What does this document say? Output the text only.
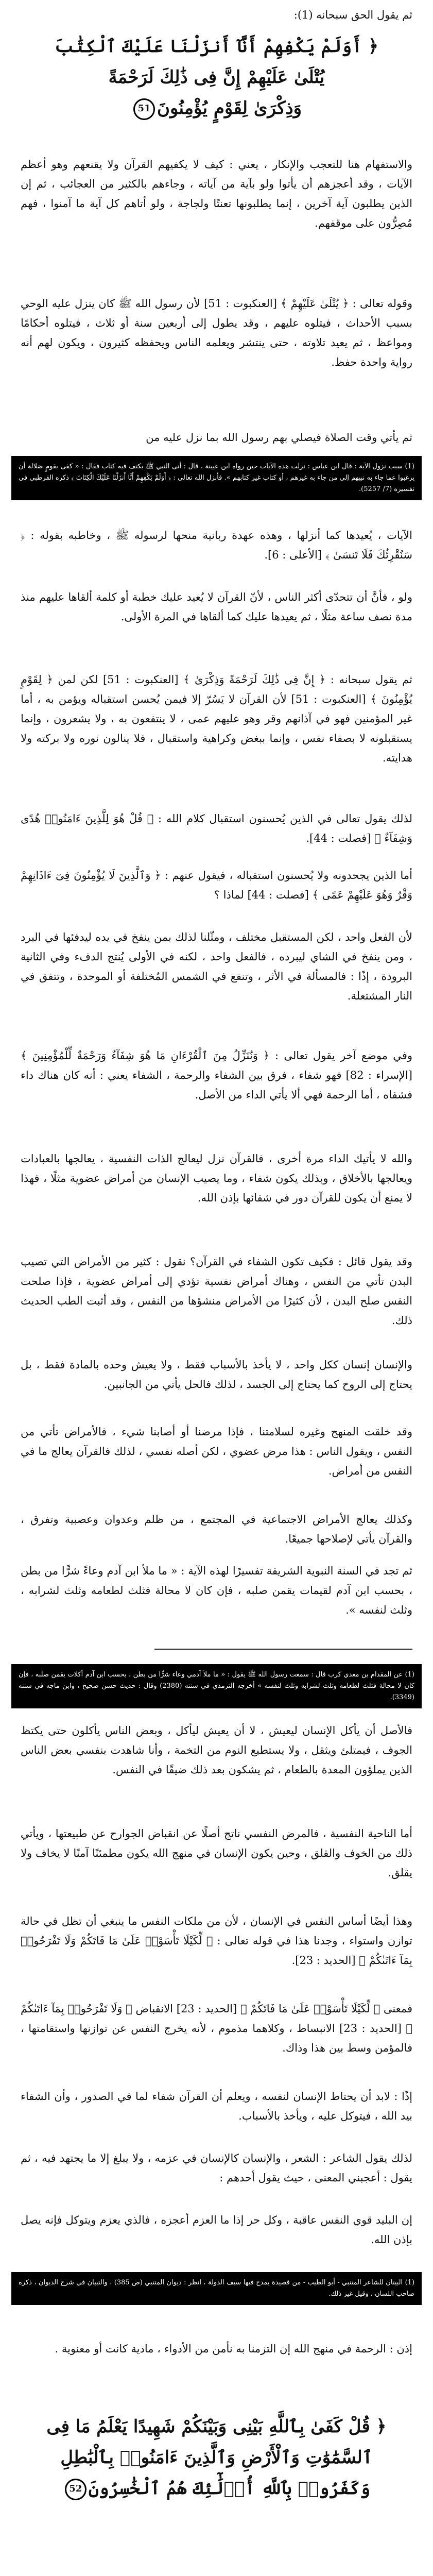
ثم يقول الحق سبحانه (1):
﴿ أَوَلَمْ يَكْفِهِمْ أَنَّآ أَنزَلْنَا عَلَيْكَ ٱلْكِتَٰبَ
يُتْلَىٰ عَلَيْهِمْ إِنَّ فِى ذَٰلِكَ لَرَحْمَةً
وَذِكْرَىٰ لِقَوْمٍ يُؤْمِنُونَ51
والاستفهام هنا للتعجب والإنكار ، يعني : كيف لا يكفيهم القرآن ولا يقنعهم وهو أعظم الآيات ، وقد أعجزهم أن يأتوا ولو بآية من آياته ، وجاءهم بالكثير من العجائب ، ثم إن الذين يطلبون آية آخرين ، إنما يطلبونها تعنتًا ولجاجة ، ولو أتاهم كل آية ما آمنوا ، فهم مُصِرُّون على موقفهم.
وقوله تعالى : ﴿ يُتْلَىٰ عَلَيْهِمْ ﴾ [العنكبوت : 51] لأن رسول الله ﷺ كان ينزل عليه الوحي بسبب الأحداث ، فيتلوه عليهم ، وقد يطول إلى أربعين سنة أو ثلاث ، فيتلوه أحكامًا ومواعظ ، ثم يعيد تلاوته ، حتى ينتشر ويعلمه الناس ويحفظه كثيرون ، ويكون لهم أنه رواية واحدة حفظ.
ثم يأتي وقت الصلاة فيصلي بهم رسول الله بما نزل عليه من

(1) سبب نزول الآية : قال ابن عباس : نزلت هذه الآيات حين رواه ابن عيينة . قال : أتى النبي ﷺ بكتف فيه كتاب فقال : « كفى بقومٍ ضلالة أن يرغبوا عما جاء به نبيهم إلى من جاء به غيرهم ، أو كتاب غير كتابهم ». فأنزل الله تعالى : ﴿ أَوَلَمْ يَكْفِهِمْ أَنَّا أَنزَلْنَا عَلَيْكَ الْكِتَابَ ﴾ ذكره القرطبي في تفسيره (7/ 5257).

الآيات ، يُعيدها كما أنزلها ، وهذه عهدة ربانية منحها لرسوله ﷺ ، وخاطبه بقوله : ﴿ سَنُقْرِئُكَ فَلَا تَنسَىٰ ﴾ [الأعلى : 6].
ولو ، فأنَّ أن تتحدّى أكثر الناس ، لأنّ القرآن لا يُعيد عليك خطبة أو كلمة ألقاها عليهم منذ مدة نصف ساعة مثلًا ، ثم يعيدها عليك كما ألقاها في المرة الأولى.
ثم يقول سبحانه : ﴿ إِنَّ فِى ذَٰلِكَ لَرَحْمَةً وَذِكْرَىٰ ﴾ [العنكبوت : 51] لكن لمن ﴿ لِقَوْمٍ يُؤْمِنُونَ ﴾ [العنكبوت : 51] لأن القرآن لا يَسُرّ إلا فيمن يُحسن استقباله ويؤمن به ، أما غير المؤمنين فهو في آذانهم وقر وهو عليهم عمى ، لا ينتفعون به ، ولا يشعرون ، وإنما يستقبلونه لا بصفاء نفس ، وإنما ببغض وكراهية واستقبال ، فلا ينالون نوره ولا بركته ولا هدايته.
لذلك يقول تعالى في الذين يُحسنون استقبال كلام الله : ﴿ قُلْ هُوَ لِلَّذِينَ ءَامَنُوا۟ هُدًى وَشِفَآءٌ ﴾ [فصلت : 44].
أما الذين يجحدونه ولا يُحسنون استقباله ، فيقول عنهم : ﴿ وَٱلَّذِينَ لَا يُؤْمِنُونَ فِىٓ ءَاذَانِهِمْ وَقْرٌ وَهُوَ عَلَيْهِمْ عَمًى ﴾ [فصلت : 44] لماذا ؟
لأن الفعل واحد ، لكن المستقبل مختلف ، ومثّلنا لذلك بمن ينفخ في يده ليدفئها في البرد ، ومن ينفخ في الشاي ليبرده ، فالفعل واحد ، لكنه في الأولى يُنتج الدفء وفي الثانية البرودة ، إذًا : فالمسألة في الأثر ، وتنفع في الشمس المُختلفة أو الموحدة ، وتتفق في النار المشتعلة.
وفي موضع آخر يقول تعالى : ﴿ وَنُنَزِّلُ مِنَ ٱلْقُرْءَانِ مَا هُوَ شِفَآءٌ وَرَحْمَةٌ لِّلْمُؤْمِنِينَ ﴾ [الإسراء : 82] فهو شفاء ، فرق بين الشفاء والرحمة ، الشفاء يعني : أنه كان هناك داء فشفاه ، أما الرحمة فهي ألا يأتي الداء من الأصل.
والله لا يأتيك الداء مرة أخرى ، فالقرآن نزل ليعالج الذات النفسية ، يعالجها بالعبادات ويعالجها بالأخلاق ، وبذلك يكون شفاء ، وما يصيب الإنسان من أمراض عضوية مثلًا ، فهذا لا يمنع أن يكون للقرآن دور في شفائها بإذن الله.
وقد يقول قائل : فكيف تكون الشفاء في القرآن؟ نقول : كثير من الأمراض التي تصيب البدن تأتي من النفس ، وهناك أمراض نفسية تؤدي إلى أمراض عضوية ، فإذا صلحت النفس صلح البدن ، لأن كثيرًا من الأمراض منشؤها من النفس ، وقد أثبت الطب الحديث ذلك.
والإنسان إنسان ككل واحد ، لا يأخذ بالأسباب فقط ، ولا يعيش وحده بالمادة فقط ، بل يحتاج إلى الروح كما يحتاج إلى الجسد ، لذلك فالحل يأتي من الجانبين.
وقد خلقت المنهج وغيره لسلامتنا ، فإذا مرضنا أو أصابنا شيء ، فالأمراض تأتي من النفس ، ويقول الناس : هذا مرض عضوي ، لكن أصله نفسي ، لذلك فالقرآن يعالج ما في النفس من أمراض.
وكذلك يعالج الأمراض الاجتماعية في المجتمع ، من ظلم وعدوان وعصبية وتفرق ، والقرآن يأتي لإصلاحها جميعًا.
ثم تجد في السنة النبوية الشريفة تفسيرًا لهذه الآية : « ما ملأ ابن آدم وعاءً شرًّا من بطن ، بحسب ابن آدم لقيمات يقمن صلبه ، فإن كان لا محالة فثلث لطعامه وثلث لشرابه ، وثلث لنفسه ».

(1) عن المقدام بن معدي كرب قال : سمعت رسول الله ﷺ يقول : « ما ملأ آدمي وعاء شرًّا من بطن ، بحسب ابن آدم أكلات يقمن صلبه ، فإن كان لا محالة فثلث لطعامه وثلث لشرابه وثلث لنفسه » أخرجه الترمذي في سننه (2380) وقال : حديث حسن صحيح ، وابن ماجه في سننه (3349).

فالأصل أن يأكل الإنسان ليعيش ، لا أن يعيش ليأكل ، وبعض الناس يأكلون حتى يكتظ الجوف ، فيمتلئ ويثقل ، ولا يستطيع النوم من التخمة ، وأنا شاهدت بنفسي بعض الناس الذين يملؤون المعدة بالطعام ، ثم يشكون بعد ذلك ضيقًا في النفس.
أما الناحية النفسية ، فالمرض النفسي ناتج أصلًا عن انقباض الجوارح عن طبيعتها ، ويأتي ذلك من الخوف والقلق ، وحين يكون الإنسان في منهج الله يكون مطمئنًا آمنًا لا يخاف ولا يقلق.
وهذا أيضًا أساس النفس في الإنسان ، لأن من ملكات النفس ما ينبغي أن تظل في حالة توازن واستواء ، وجدنا هذا في قوله تعالى : ﴿ لِّكَيْلَا تَأْسَوْا۟ عَلَىٰ مَا فَاتَكُمْ وَلَا تَفْرَحُوا۟ بِمَآ ءَاتَىٰكُمْ ﴾ [الحديد : 23].
فمعنى ﴿ لِّكَيْلَا تَأْسَوْا۟ عَلَىٰ مَا فَاتَكُمْ ﴾ [الحديد : 23] الانقباض ﴿ وَلَا تَفْرَحُوا۟ بِمَآ ءَاتَىٰكُمْ ﴾ [الحديد : 23] الانبساط ، وكلاهما مذموم ، لأنه يخرج النفس عن توازنها واستقامتها ، فالمؤمن وسط بين هذا وذاك.
إذًا : لابد أن يحتاط الإنسان لنفسه ، ويعلم أن القرآن شفاء لما في الصدور ، وأن الشفاء بيد الله ، فيتوكل عليه ، ويأخذ بالأسباب.
لذلك يقول الشاعر : الشعر ، والإنسان كالإنسان في عزمه ، ولا يبلغ إلا ما يجتهد فيه ، ثم يقول : أعجبني المعنى ، حيث يقول أحدهم :
إن البليد قوي النفس عاقبة ، وكل حر إذا ما العزم أعجزه ، فالذي يعزم ويتوكل فإنه يصل بإذن الله.

(1) البيتان للشاعر المتنبي - أبو الطيب - من قصيدة يمدح فيها سيف الدولة ، انظر : ديوان المتنبي (ص 385) ، والتبيان في شرح الديوان ، ذكره صاحب اللسان ، وقيل غير ذلك.

إذن : الرحمة في منهج الله إن التزمنا به نأمن من الأدواء ، مادية كانت أو معنوية .
﴿ قُلْ كَفَىٰ بِٱللَّهِ بَيْنِى وَبَيْنَكُمْ شَهِيدًا يَعْلَمُ مَا فِى
ٱلسَّمَٰوَٰتِ وَٱلْأَرْضِ وَٱلَّذِينَ ءَامَنُوا۟ بِٱلْبَٰطِلِ
وَكَفَرُوا۟ بِٱللَّهِ أُو۟لَٰٓئِكَ هُمُ ٱلْخَٰسِرُونَ52
